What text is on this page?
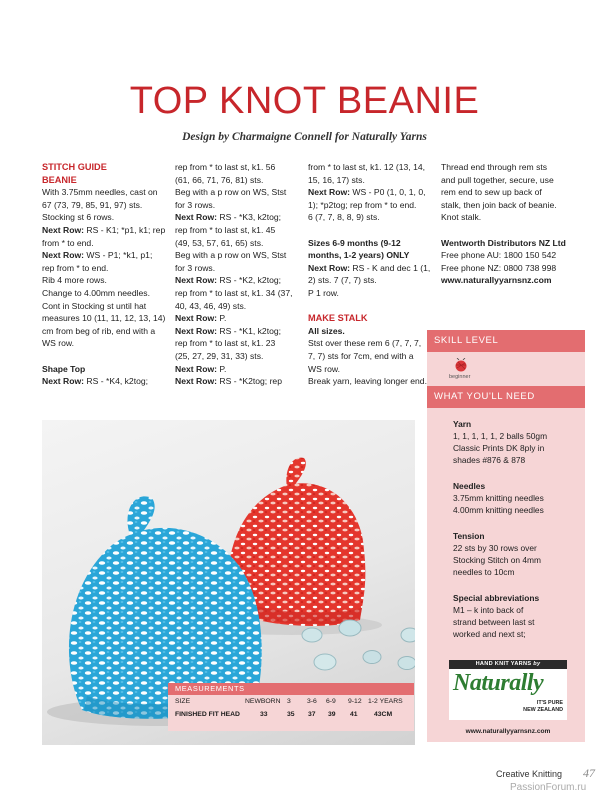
TOP KNOT BEANIE
Design by Charmaigne Connell for Naturally Yarns

STITCH GUIDE

BEANIE

With 3.75mm needles, cast on

67 (73, 79, 85, 91, 97) sts.

Stocking st 6 rows.

Next Row: RS - K1; *p1, k1; rep

from * to end.

Next Row: WS - P1; *k1, p1;

rep from * to end.

Rib 4 more rows.

Change to 4.00mm needles.

Cont in Stocking st until hat

measures 10 (11, 11, 12, 13, 14)

cm from beg of rib, end with a

WS row.

Shape Top

Next Row: RS - *K4, k2tog;

rep from * to last st, k1. 56

(61, 66, 71, 76, 81) sts.

Beg with a p row on WS, Stst

for 3 rows.

Next Row: RS - *K3, k2tog;

rep from * to last st, k1. 45

(49, 53, 57, 61, 65) sts.

Beg with a p row on WS, Stst

for 3 rows.

Next Row: RS - *K2, k2tog;

rep from * to last st, k1. 34 (37,

40, 43, 46, 49) sts.

Next Row: P.

Next Row: RS - *K1, k2tog;

rep from * to last st, k1. 23

(25, 27, 29, 31, 33) sts.

Next Row: P.

Next Row: RS - *K2tog; rep

from * to last st, k1. 12 (13, 14,

15, 16, 17) sts.

Next Row: WS - P0 (1, 0, 1, 0,

1); *p2tog; rep from * to end.

6 (7, 7, 8, 8, 9) sts.

Sizes 6-9 months (9-12

months, 1-2 years) ONLY

Next Row: RS - K and dec 1 (1,

2) sts. 7 (7, 7) sts.

P 1 row.

MAKE STALK

All sizes.

Stst over these rem 6 (7, 7, 7,

7, 7) sts for 7cm, end with a

WS row.

Break yarn, leaving longer end.

Thread end through rem sts

and pull together, secure, use

rem end to sew up back of

stalk, then join back of beanie.

Knot stalk.

Wentworth Distributors NZ Ltd

Free phone AU: 1800 150 542

Free phone NZ: 0800 738 998

www.naturallyyarnsnz.com

MEASUREMENTS
SIZE	NEWBORN 3 3-6 6-9 9-12 1-2 YEARS
FINISHED FIT HEAD	33	35 37 39 41 43CM
SKILL LEVEL
beginner
WHAT YOU'LL NEED

Yarn

1, 1, 1, 1, 1, 2 balls 50gm

Classic Prints DK 8ply in

shades #876 & 878

Needles

3.75mm knitting needles

4.00mm knitting needles

Tension

22 sts by 30 rows over

Stocking Stitch on 4mm

needles to 10cm

Special abbreviations

M1 – k into back of

strand between last st

worked and next st;

HAND KNIT YARNS by
Naturally
IT'S PURE
NEW ZEALAND
www.naturallyyarnsnz.com
Creative Knitting 47
PassionForum.ru
